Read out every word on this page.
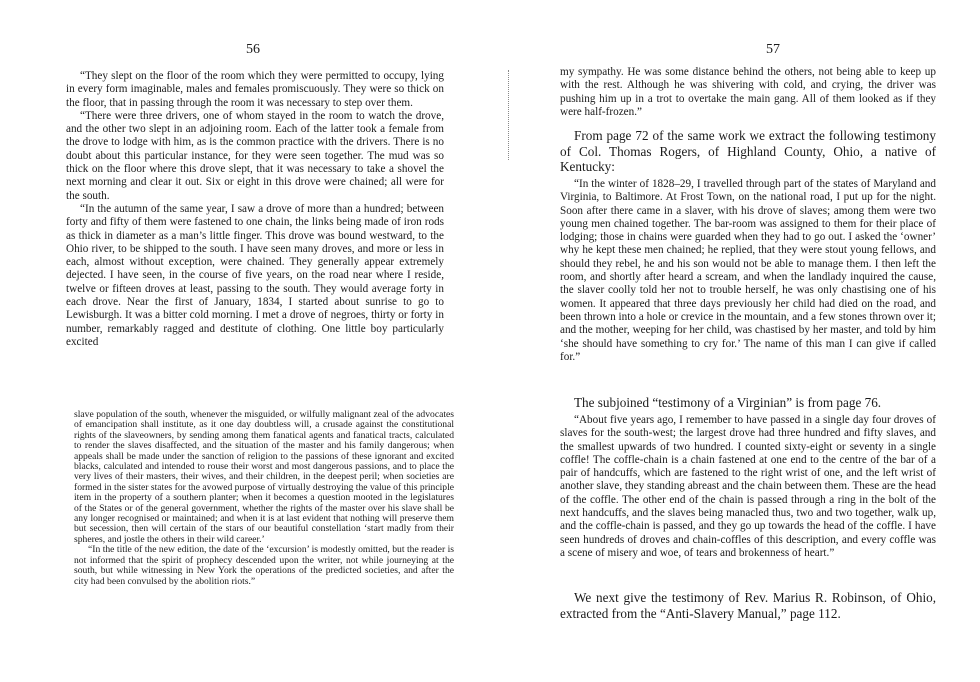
56

“They slept on the floor of the room which they were permitted to occupy, lying in every form imaginable, males and females promiscuously. They were so thick on the floor, that in passing through the room it was necessary to step over them.

“There were three drivers, one of whom stayed in the room to watch the drove, and the other two slept in an adjoining room. Each of the latter took a female from the drove to lodge with him, as is the common practice with the drivers. There is no doubt about this particular instance, for they were seen together. The mud was so thick on the floor where this drove slept, that it was necessary to take a shovel the next morning and clear it out. Six or eight in this drove were chained; all were for the south.

“In the autumn of the same year, I saw a drove of more than a hundred; between forty and fifty of them were fastened to one chain, the links being made of iron rods as thick in diameter as a man’s little finger. This drove was bound westward, to the Ohio river, to be shipped to the south. I have seen many droves, and more or less in each, almost without exception, were chained. They generally appear extremely dejected. I have seen, in the course of five years, on the road near where I reside, twelve or fifteen droves at least, passing to the south. They would average forty in each drove. Near the first of January, 1834, I started about sunrise to go to Lewisburgh. It was a bitter cold morning. I met a drove of negroes, thirty or forty in number, remarkably ragged and destitute of clothing. One little boy particularly excited

slave population of the south, whenever the misguided, or wilfully malignant zeal of the advocates of emancipation shall institute, as it one day doubtless will, a crusade against the constitutional rights of the slaveowners, by sending among them fanatical agents and fanatical tracts, calculated to render the slaves disaffected, and the situation of the master and his family dangerous; when appeals shall be made under the sanction of religion to the passions of these ignorant and excited blacks, calculated and intended to rouse their worst and most dangerous passions, and to place the very lives of their masters, their wives, and their children, in the deepest peril; when societies are formed in the sister states for the avowed purpose of virtually destroying the value of this principle item in the property of a southern planter; when it becomes a question mooted in the legislatures of the States or of the general government, whether the rights of the master over his slave shall be any longer recognised or maintained; and when it is at last evident that nothing will preserve them but secession, then will certain of the stars of our beautiful constellation ‘start madly from their spheres, and jostle the others in their wild career.’

“In the title of the new edition, the date of the ‘excursion’ is modestly omitted, but the reader is not informed that the spirit of prophecy descended upon the writer, not while journeying at the south, but while witnessing in New York the operations of the predicted societies, and after the city had been convulsed by the abolition riots.”

57

my sympathy. He was some distance behind the others, not being able to keep up with the rest. Although he was shivering with cold, and crying, the driver was pushing him up in a trot to overtake the main gang. All of them looked as if they were half-frozen.”

From page 72 of the same work we extract the following testimony of Col. Thomas Rogers, of Highland County, Ohio, a native of Kentucky:

“In the winter of 1828–29, I travelled through part of the states of Maryland and Virginia, to Baltimore. At Frost Town, on the national road, I put up for the night. Soon after there came in a slaver, with his drove of slaves; among them were two young men chained together. The bar-room was assigned to them for their place of lodging; those in chains were guarded when they had to go out. I asked the ‘owner’ why he kept these men chained; he replied, that they were stout young fellows, and should they rebel, he and his son would not be able to manage them. I then left the room, and shortly after heard a scream, and when the landlady inquired the cause, the slaver coolly told her not to trouble herself, he was only chastising one of his women. It appeared that three days previously her child had died on the road, and been thrown into a hole or crevice in the mountain, and a few stones thrown over it; and the mother, weeping for her child, was chastised by her master, and told by him ‘she should have something to cry for.’ The name of this man I can give if called for.”

The subjoined “testimony of a Virginian” is from page 76.

“About five years ago, I remember to have passed in a single day four droves of slaves for the south-west; the largest drove had three hundred and fifty slaves, and the smallest upwards of two hundred. I counted sixty-eight or seventy in a single coffle! The coffle-chain is a chain fastened at one end to the centre of the bar of a pair of handcuffs, which are fastened to the right wrist of one, and the left wrist of another slave, they standing abreast and the chain between them. These are the head of the coffle. The other end of the chain is passed through a ring in the bolt of the next handcuffs, and the slaves being manacled thus, two and two together, walk up, and the coffle-chain is passed, and they go up towards the head of the coffle. I have seen hundreds of droves and chain-coffles of this description, and every coffle was a scene of misery and woe, of tears and brokenness of heart.”

We next give the testimony of Rev. Marius R. Robinson, of Ohio, extracted from the “Anti-Slavery Manual,” page 112.
